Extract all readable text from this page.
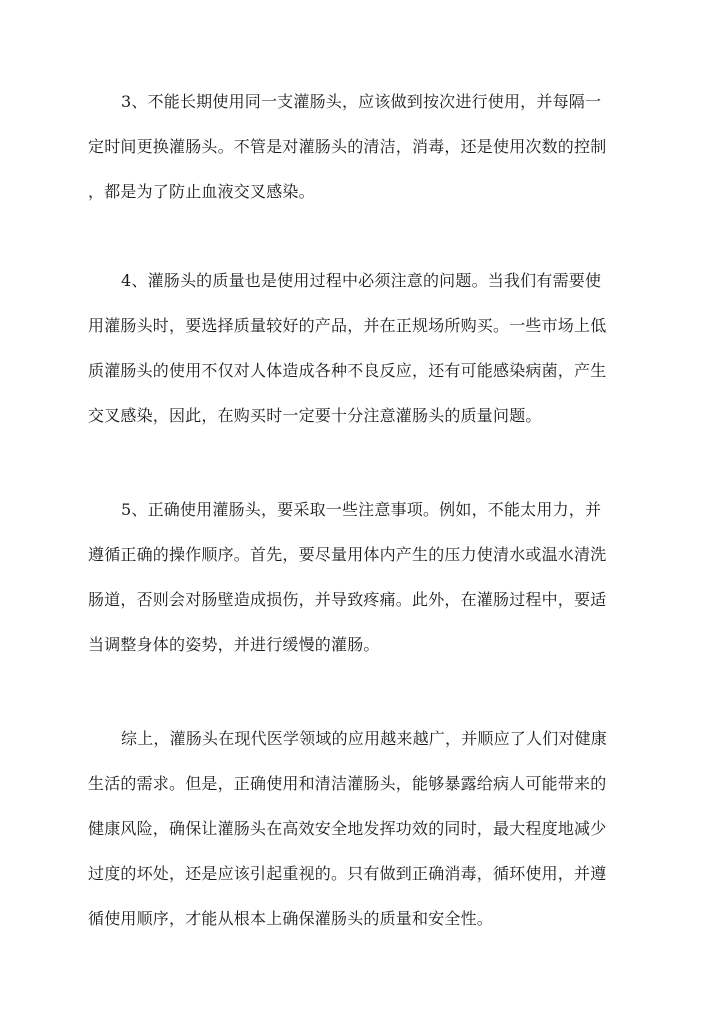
3、不能长期使用同一支灌肠头，应该做到按次进行使用，并每隔一
定时间更换灌肠头。不管是对灌肠头的清洁，消毒，还是使用次数的控制
，都是为了防止血液交叉感染。
4、灌肠头的质量也是使用过程中必须注意的问题。当我们有需要使
用灌肠头时，要选择质量较好的产品，并在正规场所购买。一些市场上低
质灌肠头的使用不仅对人体造成各种不良反应，还有可能感染病菌，产生
交叉感染，因此，在购买时一定要十分注意灌肠头的质量问题。
5、正确使用灌肠头，要采取一些注意事项。例如，不能太用力，并
遵循正确的操作顺序。首先，要尽量用体内产生的压力使清水或温水清洗
肠道，否则会对肠壁造成损伤，并导致疼痛。此外，在灌肠过程中，要适
当调整身体的姿势，并进行缓慢的灌肠。
综上，灌肠头在现代医学领域的应用越来越广，并顺应了人们对健康
生活的需求。但是，正确使用和清洁灌肠头，能够暴露给病人可能带来的
健康风险，确保让灌肠头在高效安全地发挥功效的同时，最大程度地减少
过度的坏处，还是应该引起重视的。只有做到正确消毒，循环使用，并遵
循使用顺序，才能从根本上确保灌肠头的质量和安全性。
